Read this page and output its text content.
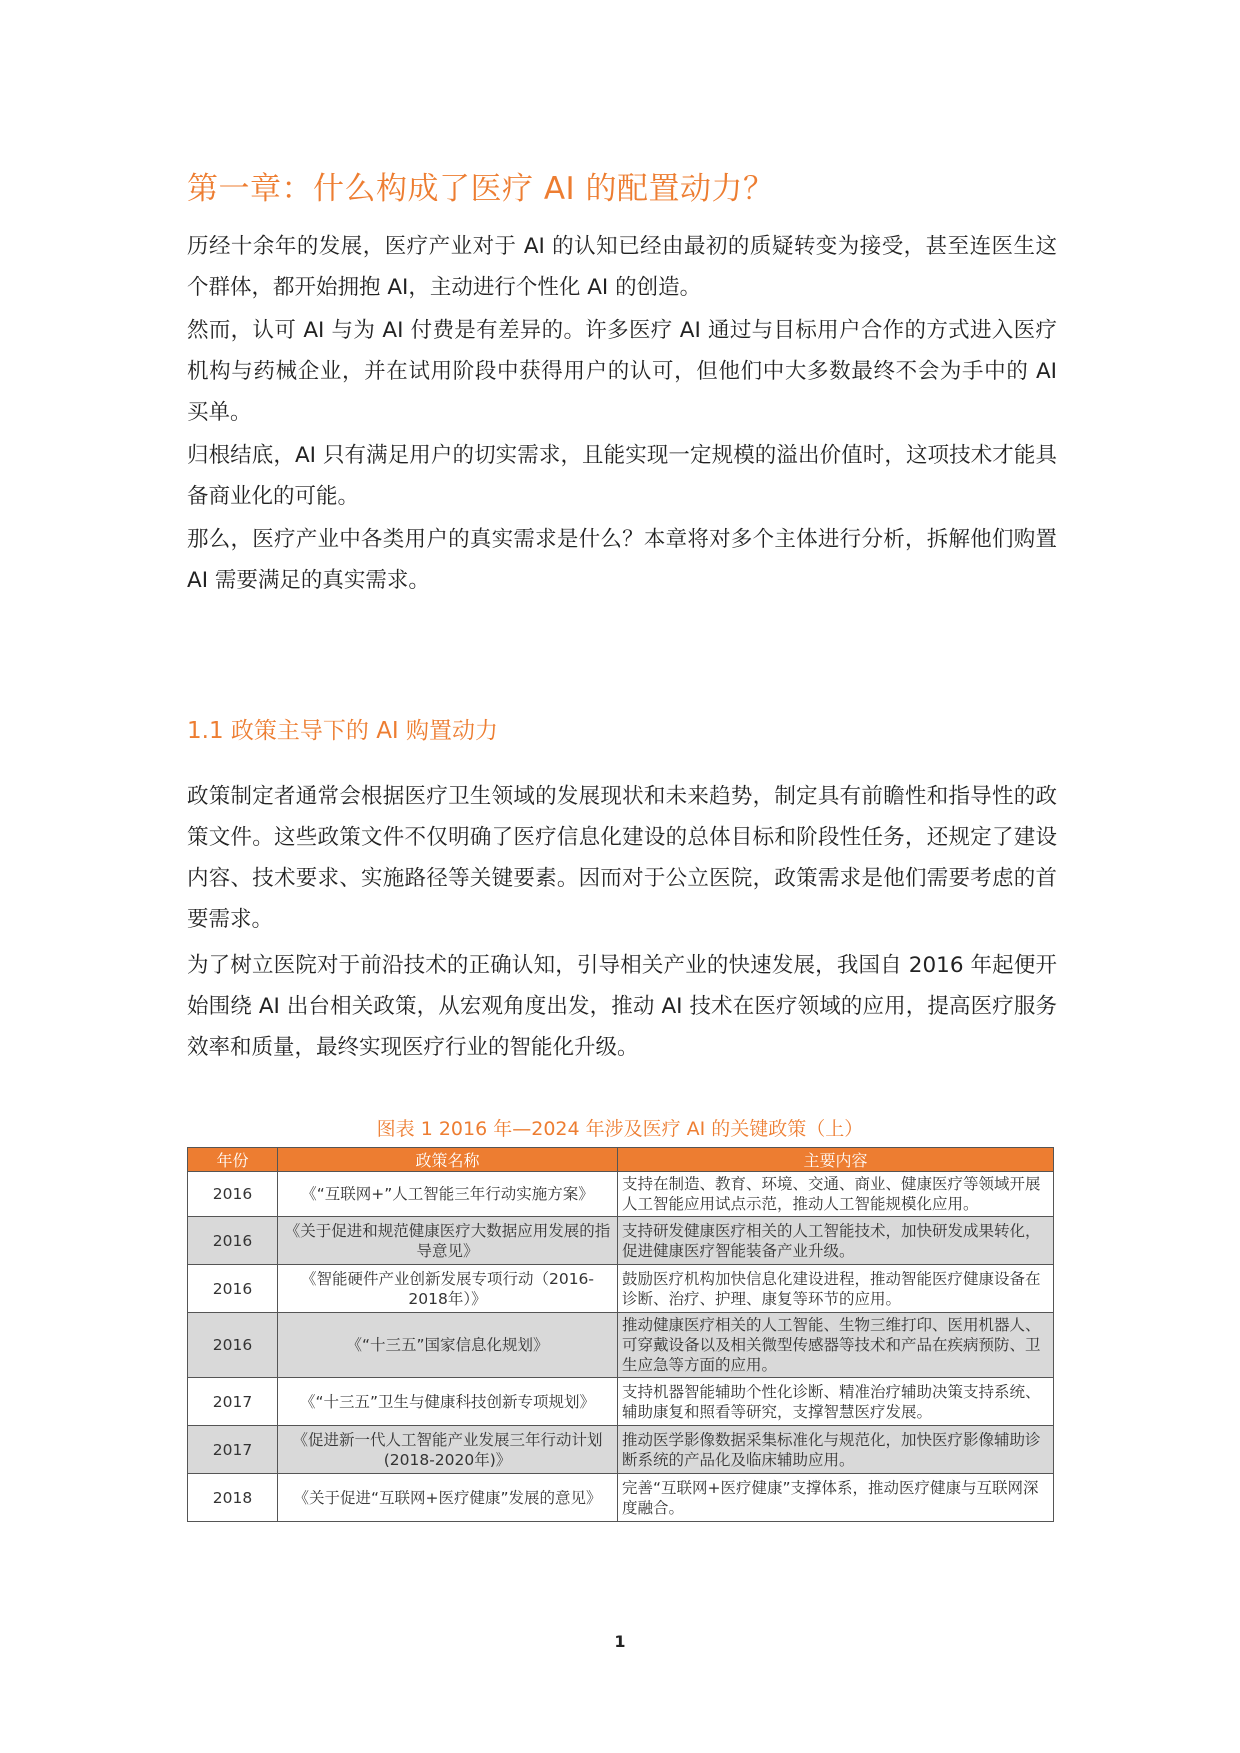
第一章：什么构成了医疗 AI 的配置动力？

历经十余年的发展，医疗产业对于 AI 的认知已经由最初的质疑转变为接受，甚至连医生这个群体，都开始拥抱 AI，主动进行个性化 AI 的创造。

然而，认可 AI 与为 AI 付费是有差异的。许多医疗 AI 通过与目标用户合作的方式进入医疗机构与药械企业，并在试用阶段中获得用户的认可，但他们中大多数最终不会为手中的 AI 买单。

归根结底，AI 只有满足用户的切实需求，且能实现一定规模的溢出价值时，这项技术才能具备商业化的可能。

那么，医疗产业中各类用户的真实需求是什么？本章将对多个主体进行分析，拆解他们购置 AI 需要满足的真实需求。

1.1 政策主导下的 AI 购置动力

政策制定者通常会根据医疗卫生领域的发展现状和未来趋势，制定具有前瞻性和指导性的政策文件。这些政策文件不仅明确了医疗信息化建设的总体目标和阶段性任务，还规定了建设内容、技术要求、实施路径等关键要素。因而对于公立医院，政策需求是他们需要考虑的首要需求。

为了树立医院对于前沿技术的正确认知，引导相关产业的快速发展，我国自 2016 年起便开始围绕 AI 出台相关政策，从宏观角度出发，推动 AI 技术在医疗领域的应用，提高医疗服务效率和质量，最终实现医疗行业的智能化升级。

图表 1 2016 年—2024 年涉及医疗 AI 的关键政策（上）
年份	政策名称	主要内容
2016	《“互联网+”人工智能三年行动实施方案》	支持在制造、教育、环境、交通、商业、健康医疗等领域开展人工智能应用试点示范，推动人工智能规模化应用。
2016	《关于促进和规范健康医疗大数据应用发展的指导意见》	支持研发健康医疗相关的人工智能技术，加快研发成果转化，促进健康医疗智能装备产业升级。
2016	《智能硬件产业创新发展专项行动（2016-2018年）》	鼓励医疗机构加快信息化建设进程，推动智能医疗健康设备在诊断、治疗、护理、康复等环节的应用。
2016	《“十三五”国家信息化规划》	推动健康医疗相关的人工智能、生物三维打印、医用机器人、可穿戴设备以及相关微型传感器等技术和产品在疾病预防、卫生应急等方面的应用。
2017	《“十三五”卫生与健康科技创新专项规划》	支持机器智能辅助个性化诊断、精准治疗辅助决策支持系统、辅助康复和照看等研究，支撑智慧医疗发展。
2017	《促进新一代人工智能产业发展三年行动计划(2018-2020年)》	推动医学影像数据采集标准化与规范化，加快医疗影像辅助诊断系统的产品化及临床辅助应用。
2018	《关于促进“互联网+医疗健康”发展的意见》	完善“互联网+医疗健康”支撑体系，推动医疗健康与互联网深度融合。
1
